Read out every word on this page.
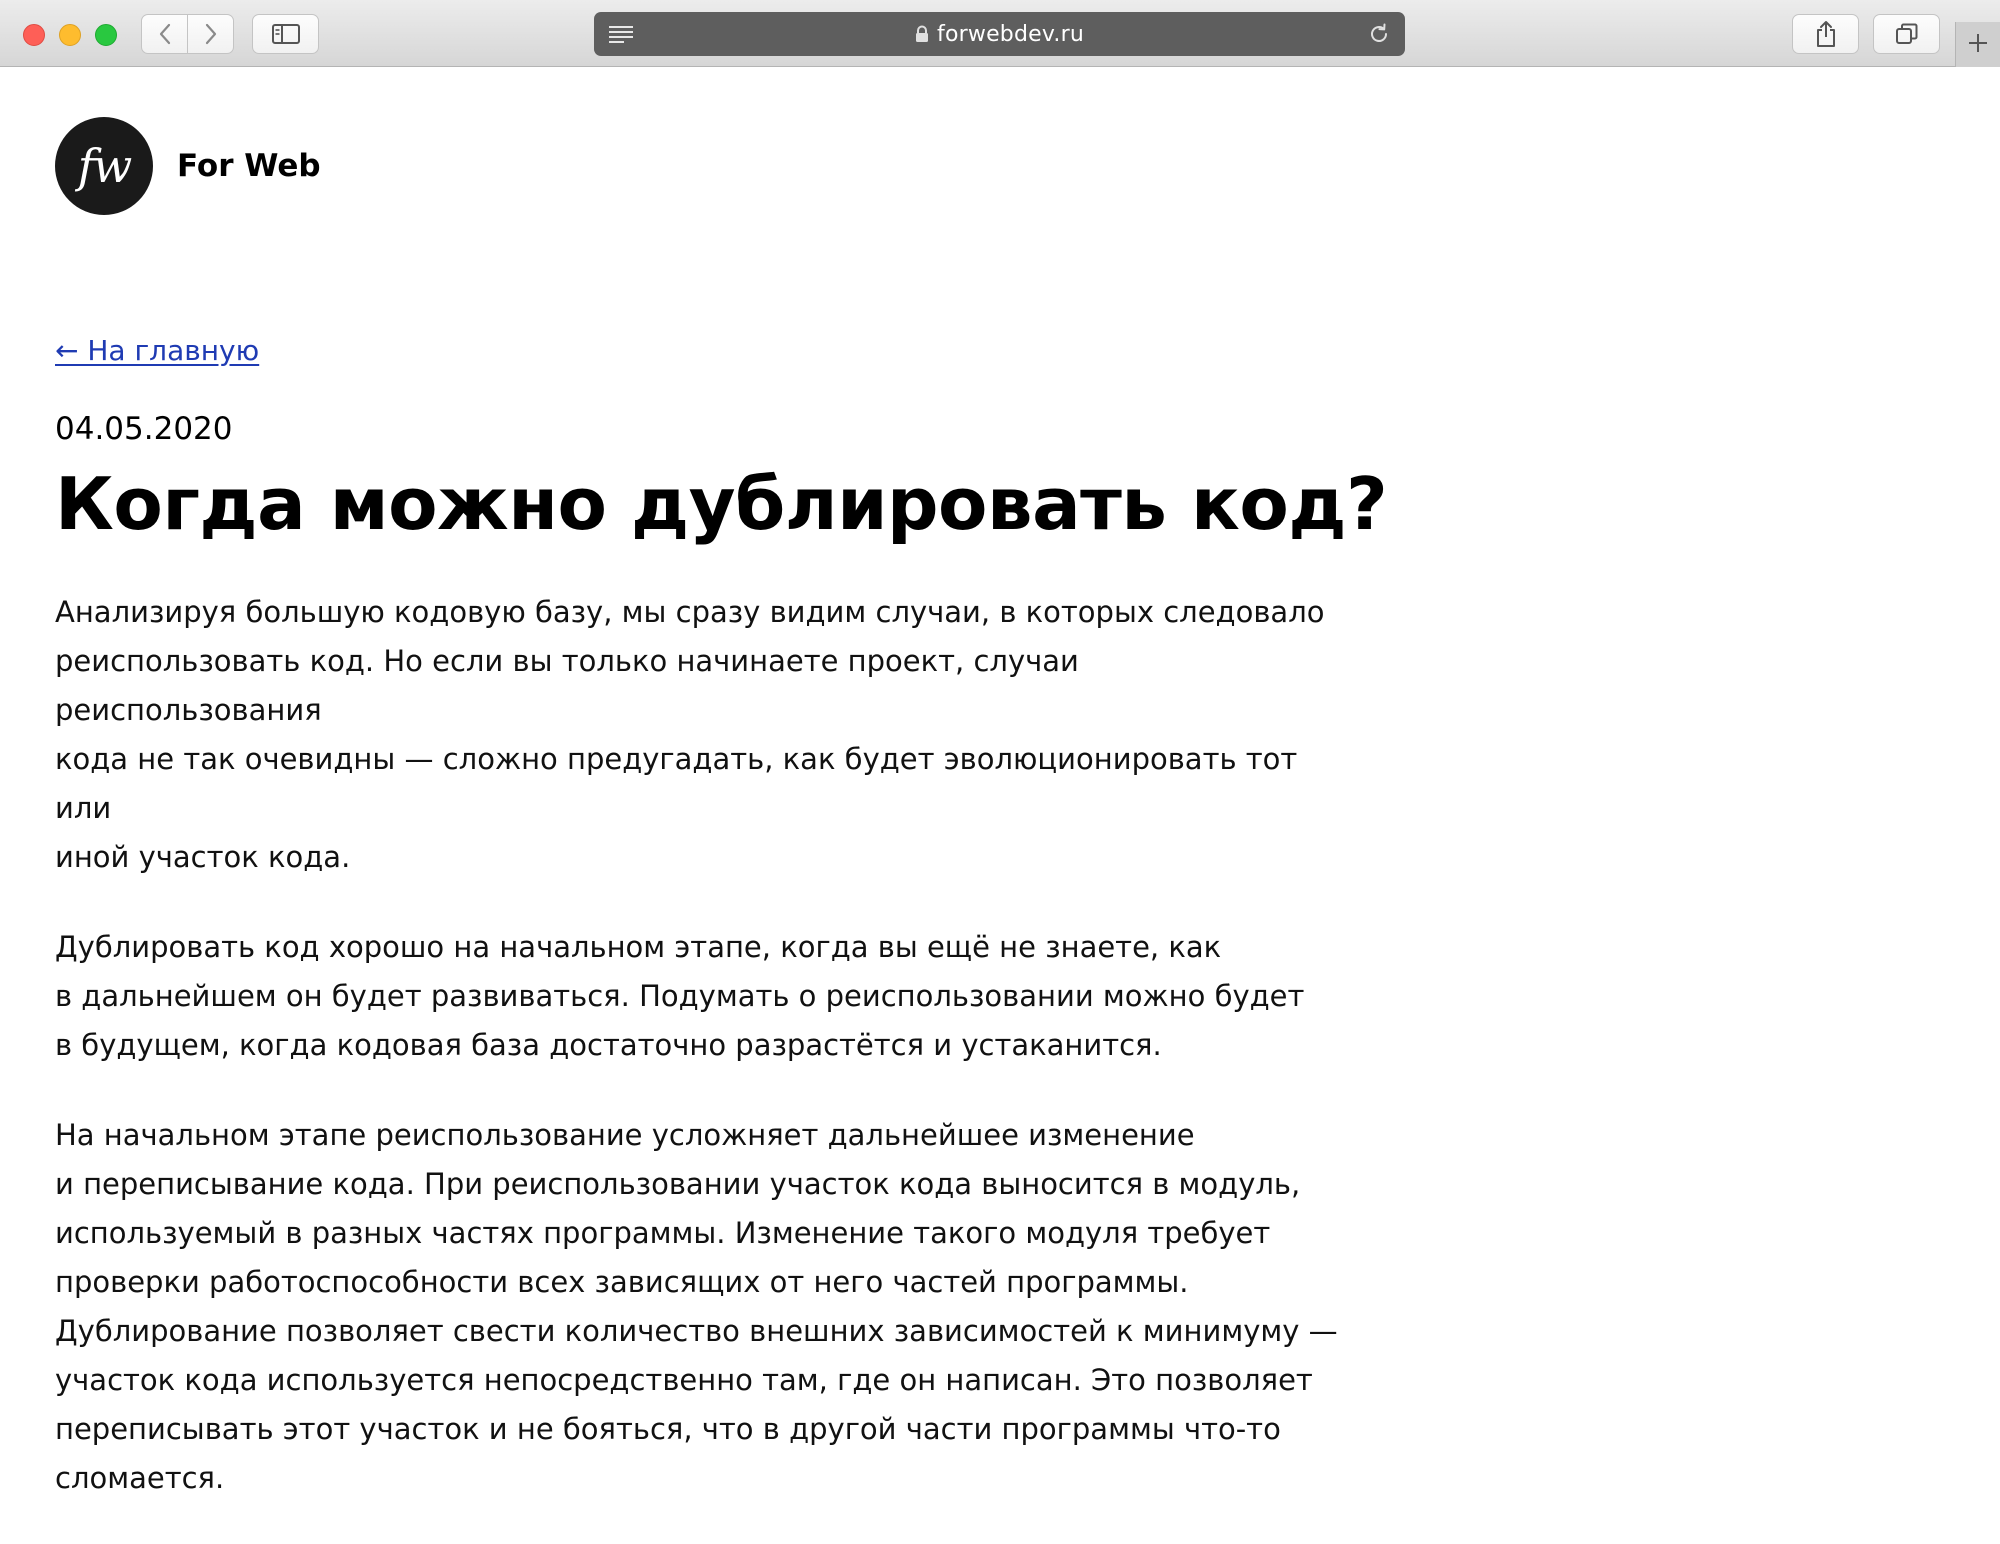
forwebdev.ru
fw	For Web
← На главную
04.05.2020
Когда можно дублировать код?

Анализируя большую кодовую базу, мы сразу видим случаи, в которых следовало
реиспользовать код. Но если вы только начинаете проект, случаи реиспользования
кода не так очевидны — сложно предугадать, как будет эволюционировать тот или
иной участок кода.

Дублировать код хорошо на начальном этапе, когда вы ещё не знаете, как
в дальнейшем он будет развиваться. Подумать о реиспользовании можно будет
в будущем, когда кодовая база достаточно разрастётся и устаканится.

На начальном этапе реиспользование усложняет дальнейшее изменение
и переписывание кода. При реиспользовании участок кода выносится в модуль,
используемый в разных частях программы. Изменение такого модуля требует
проверки работоспособности всех зависящих от него частей программы.
Дублирование позволяет свести количество внешних зависимостей к минимуму —
участок кода используется непосредственно там, где он написан. Это позволяет
переписывать этот участок и не бояться, что в другой части программы что-то
сломается.
